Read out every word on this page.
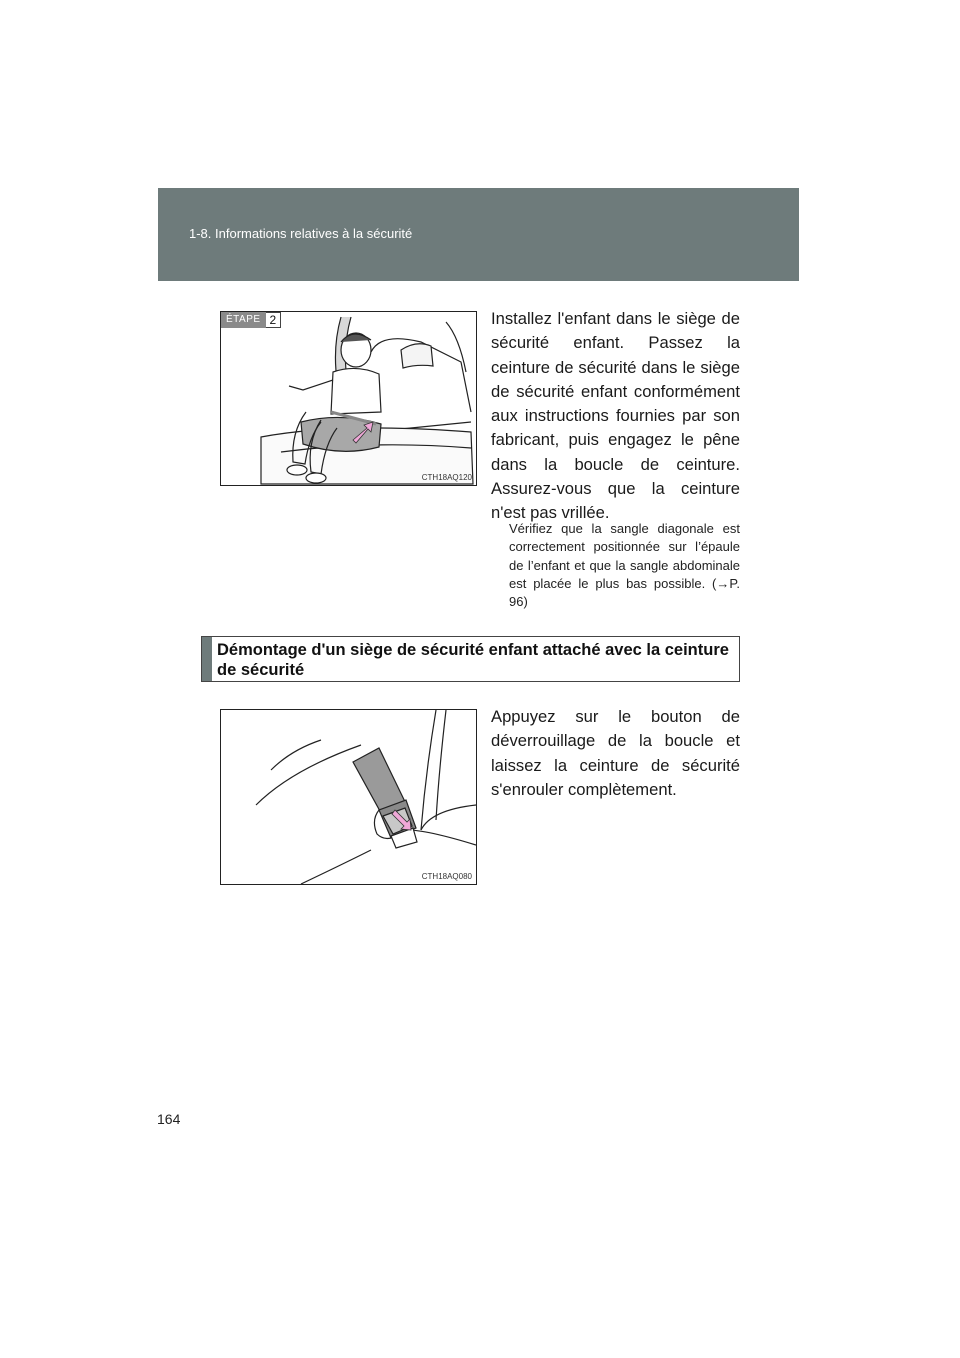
1-8. Informations relatives à la sécurité
ÉTAPE 2
CTH18AQ120

Installez l'enfant dans le siège de sécurité enfant. Passez la ceinture de sécurité dans le siège de sécurité enfant conformément aux instructions fournies par son fabricant, puis engagez le pêne dans la boucle de ceinture. Assurez-vous que la ceinture n'est pas vrillée.

Vérifiez que la sangle diagonale est correctement positionnée sur l’épaule de l’enfant et que la sangle abdominale est placée le plus bas possible. (→P. 96)

Démontage d'un siège de sécurité enfant attaché avec la ceinture de sécurité

CTH18AQ080

Appuyez sur le bouton de déverrouillage de la boucle et laissez la ceinture de sécurité s'enrouler complètement.

164
